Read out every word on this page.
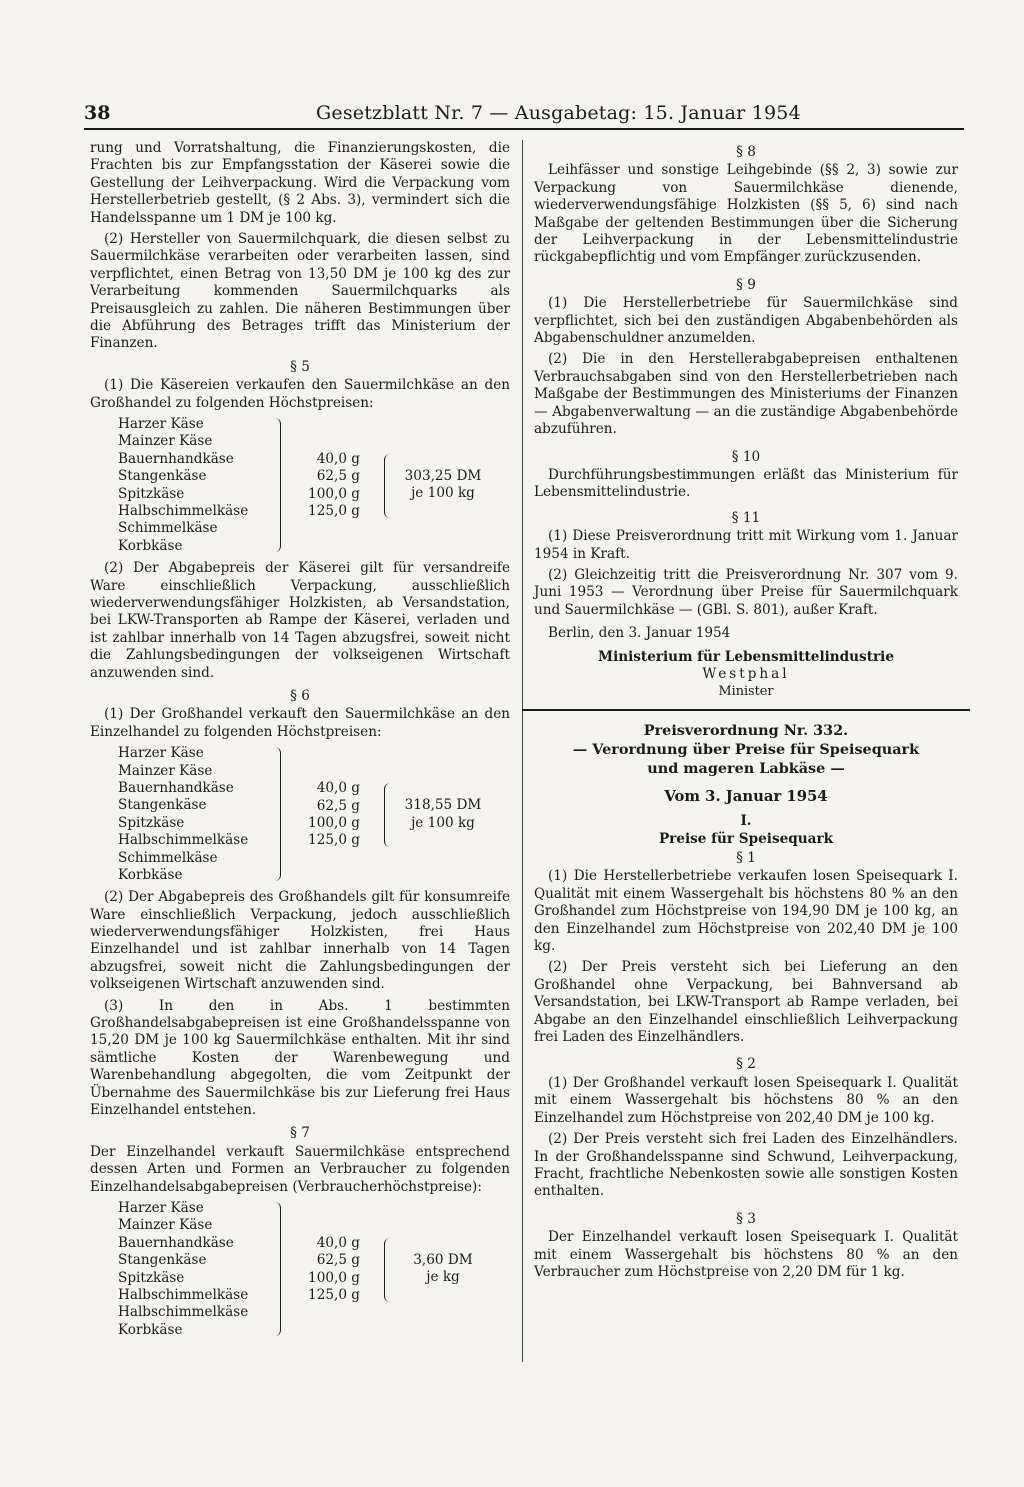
38	Gesetzblatt Nr. 7 — Ausgabetag: 15. Januar 1954

rung und Vorratshaltung, die Finanzierungskosten, die Frachten bis zur Empfangsstation der Käserei sowie die Gestellung der Leihverpackung. Wird die Verpackung vom Herstellerbetrieb gestellt, (§ 2 Abs. 3), vermindert sich die Handelsspanne um 1 DM je 100 kg.

(2) Hersteller von Sauermilchquark, die diesen selbst zu Sauermilchkäse verarbeiten oder verarbeiten lassen, sind verpflichtet, einen Betrag von 13,50 DM je 100 kg des zur Verarbeitung kommenden Sauermilchquarks als Preisausgleich zu zahlen. Die näheren Bestimmungen über die Abführung des Betrages trifft das Ministerium der Finanzen.

§ 5

(1) Die Käsereien verkaufen den Sauermilchkäse an den Großhandel zu folgenden Höchstpreisen:

Harzer Käse
Mainzer Käse
Bauernhandkäse
Stangenkäse
Spitzkäse
Halbschimmelkäse
Schimmelkäse
Korbkäse
40,0 g
62,5 g
100,0 g
125,0 g
303,25 DM
je 100 kg

(2) Der Abgabepreis der Käserei gilt für versandreife Ware einschließlich Verpackung, ausschließlich wiederverwendungsfähiger Holzkisten, ab Versandstation, bei LKW-Transporten ab Rampe der Käserei, verladen und ist zahlbar innerhalb von 14 Tagen abzugsfrei, soweit nicht die Zahlungsbedingungen der volkseigenen Wirtschaft anzuwenden sind.

§ 6

(1) Der Großhandel verkauft den Sauermilchkäse an den Einzelhandel zu folgenden Höchstpreisen:

Harzer Käse
Mainzer Käse
Bauernhandkäse
Stangenkäse
Spitzkäse
Halbschimmelkäse
Schimmelkäse
Korbkäse
40,0 g
62,5 g
100,0 g
125,0 g
318,55 DM
je 100 kg

(2) Der Abgabepreis des Großhandels gilt für konsumreife Ware einschließlich Verpackung, jedoch ausschließlich wiederverwendungsfähiger Holzkisten, frei Haus Einzelhandel und ist zahlbar innerhalb von 14 Tagen abzugsfrei, soweit nicht die Zahlungsbedingungen der volkseigenen Wirtschaft anzuwenden sind.

(3) In den in Abs. 1 bestimmten Großhandelsabgabepreisen ist eine Großhandelsspanne von 15,20 DM je 100 kg Sauermilchkäse enthalten. Mit ihr sind sämtliche Kosten der Warenbewegung und Warenbehandlung abgegolten, die vom Zeitpunkt der Übernahme des Sauermilchkäse bis zur Lieferung frei Haus Einzelhandel entstehen.

§ 7

Der Einzelhandel verkauft Sauermilchkäse entsprechend dessen Arten und Formen an Verbraucher zu folgenden Einzelhandelsabgabepreisen (Verbraucherhöchstpreise):

Harzer Käse
Mainzer Käse
Bauernhandkäse
Stangenkäse
Spitzkäse
Halbschimmelkäse
Halbschimmelkäse
Korbkäse
40,0 g
62,5 g
100,0 g
125,0 g
3,60 DM
je kg

§ 8

Leihfässer und sonstige Leihgebinde (§§ 2, 3) sowie zur Verpackung von Sauermilchkäse dienende, wiederverwendungsfähige Holzkisten (§§ 5, 6) sind nach Maßgabe der geltenden Bestimmungen über die Sicherung der Leihverpackung in der Lebensmittelindustrie rückgabepflichtig und vom Empfänger zurückzusenden.

§ 9

(1) Die Herstellerbetriebe für Sauermilchkäse sind verpflichtet, sich bei den zuständigen Abgabenbehörden als Abgabenschuldner anzumelden.

(2) Die in den Herstellerabgabepreisen enthaltenen Verbrauchsabgaben sind von den Herstellerbetrieben nach Maßgabe der Bestimmungen des Ministeriums der Finanzen — Abgabenverwaltung — an die zuständige Abgabenbehörde abzuführen.

§ 10

Durchführungsbestimmungen erläßt das Ministerium für Lebensmittelindustrie.

§ 11

(1) Diese Preisverordnung tritt mit Wirkung vom 1. Januar 1954 in Kraft.

(2) Gleichzeitig tritt die Preisverordnung Nr. 307 vom 9. Juni 1953 — Verordnung über Preise für Sauermilchquark und Sauermilchkäse — (GBl. S. 801), außer Kraft.

Berlin, den 3. Januar 1954

Ministerium für Lebensmittelindustrie

Westphal

Minister

Preisverordnung Nr. 332.

— Verordnung über Preise für Speisequark

und mageren Labkäse —

Vom 3. Januar 1954

I.

Preise für Speisequark

§ 1

(1) Die Herstellerbetriebe verkaufen losen Speisequark I. Qualität mit einem Wassergehalt bis höchstens 80 % an den Großhandel zum Höchstpreise von 194,90 DM je 100 kg, an den Einzelhandel zum Höchstpreise von 202,40 DM je 100 kg.

(2) Der Preis versteht sich bei Lieferung an den Großhandel ohne Verpackung, bei Bahnversand ab Versandstation, bei LKW-Transport ab Rampe verladen, bei Abgabe an den Einzelhandel einschließlich Leihverpackung frei Laden des Einzelhändlers.

§ 2

(1) Der Großhandel verkauft losen Speisequark I. Qualität mit einem Wassergehalt bis höchstens 80 % an den Einzelhandel zum Höchstpreise von 202,40 DM je 100 kg.

(2) Der Preis versteht sich frei Laden des Einzelhändlers. In der Großhandelsspanne sind Schwund, Leihverpackung, Fracht, frachtliche Nebenkosten sowie alle sonstigen Kosten enthalten.

§ 3

Der Einzelhandel verkauft losen Speisequark I. Qualität mit einem Wassergehalt bis höchstens 80 % an den Verbraucher zum Höchstpreise von 2,20 DM für 1 kg.
